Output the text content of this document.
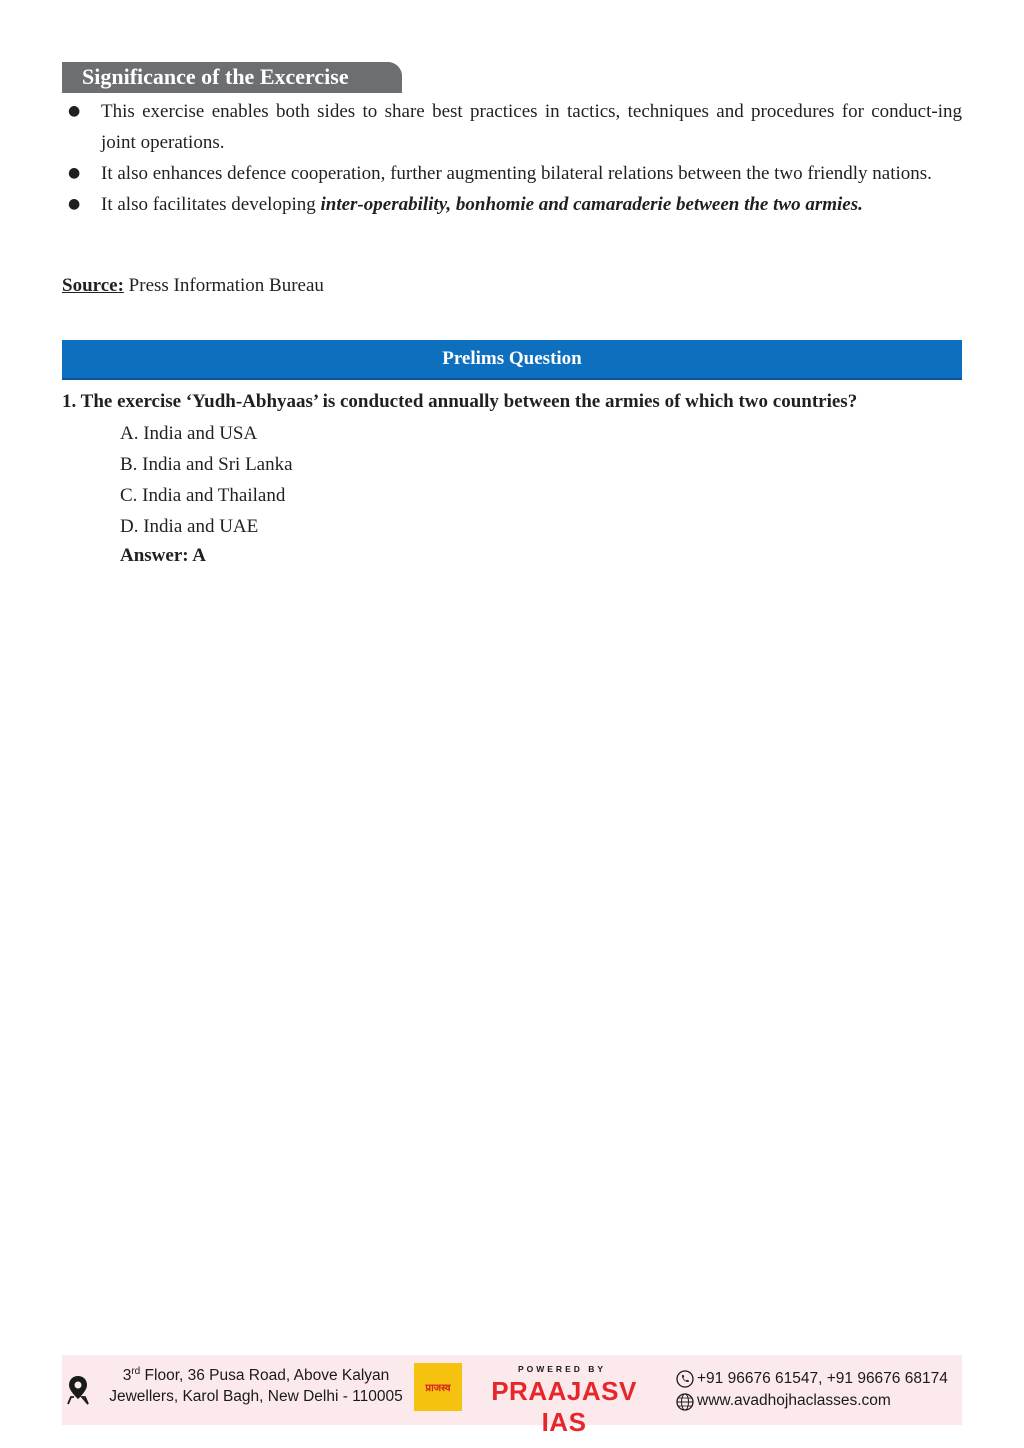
Significance of the Excercise
● This exercise enables both sides to share best practices in tactics, techniques and procedures for conduct-ing joint operations.
● It also enhances defence cooperation, further augmenting bilateral relations between the two friendly nations.
● It also facilitates developing inter-operability, bonhomie and camaraderie between the two armies.
Source: Press Information Bureau
Prelims Question
1. The exercise ‘Yudh-Abhyaas’ is conducted annually between the armies of which two countries?
A. India and USA
B. India and Sri Lanka
C. India and Thailand
D. India and UAE
Answer: A
3rd Floor, 36 Pusa Road, Above Kalyan
Jewellers, Karol Bagh, New Delhi - 110005	प्राजस्व
POWERED BY
PRAAJASV IAS
+91 96676 61547, +91 96676 68174
www.avadhojhaclasses.com
